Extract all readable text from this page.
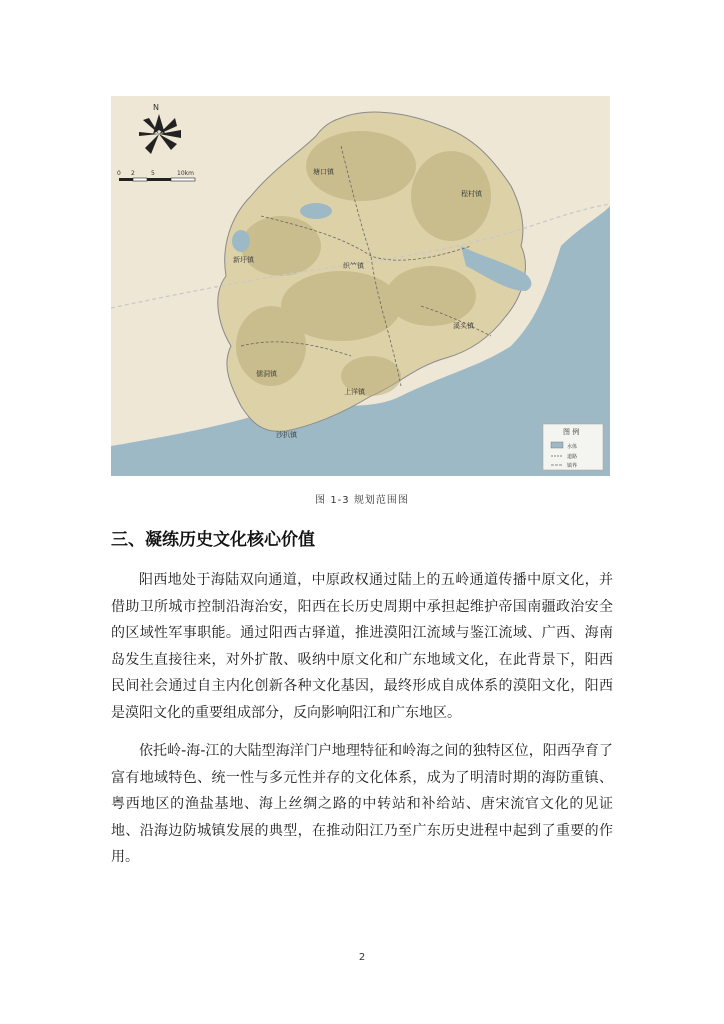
N
0 2	5	10km	塘口镇
程村镇
新圩镇
织𥫗镇
溪头镇
儒洞镇
上洋镇
沙扒镇	图 例
水体
道路
镇界
图 1-3 规划范围图
三、凝练历史文化核心价值

阳西地处于海陆双向通道，中原政权通过陆上的五岭通道传播中原文化，并借助卫所城市控制沿海治安，阳西在长历史周期中承担起维护帝国南疆政治安全的区域性军事职能。通过阳西古驿道，推进漠阳江流域与鉴江流域、广西、海南岛发生直接往来，对外扩散、吸纳中原文化和广东地域文化，在此背景下，阳西民间社会通过自主内化创新各种文化基因，最终形成自成体系的漠阳文化，阳西是漠阳文化的重要组成部分，反向影响阳江和广东地区。

依托岭-海-江的大陆型海洋门户地理特征和岭海之间的独特区位，阳西孕育了富有地域特色、统一性与多元性并存的文化体系，成为了明清时期的海防重镇、粤西地区的渔盐基地、海上丝绸之路的中转站和补给站、唐宋流官文化的见证地、沿海边防城镇发展的典型，在推动阳江乃至广东历史进程中起到了重要的作用。

2
